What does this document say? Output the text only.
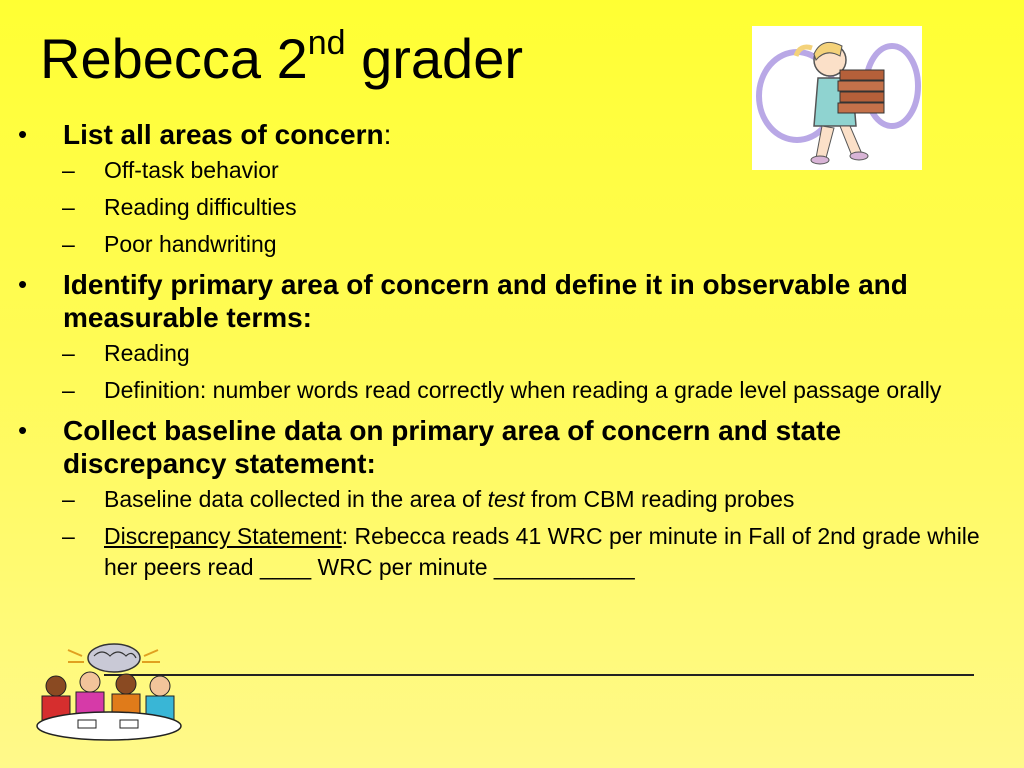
Rebecca 2nd grader
• List all areas of concern:
– Off-task behavior
– Reading difficulties
– Poor handwriting
• Identify primary area of concern and define it in observable and measurable terms:
– Reading
– Definition: number words read correctly when reading a grade level passage orally
• Collect baseline data on primary area of concern and state discrepancy statement:
– Baseline data collected in the area of test from CBM reading probes
– Discrepancy Statement: Rebecca reads 41 WRC per minute in Fall of 2nd grade while her peers read ____ WRC per minute ___________
